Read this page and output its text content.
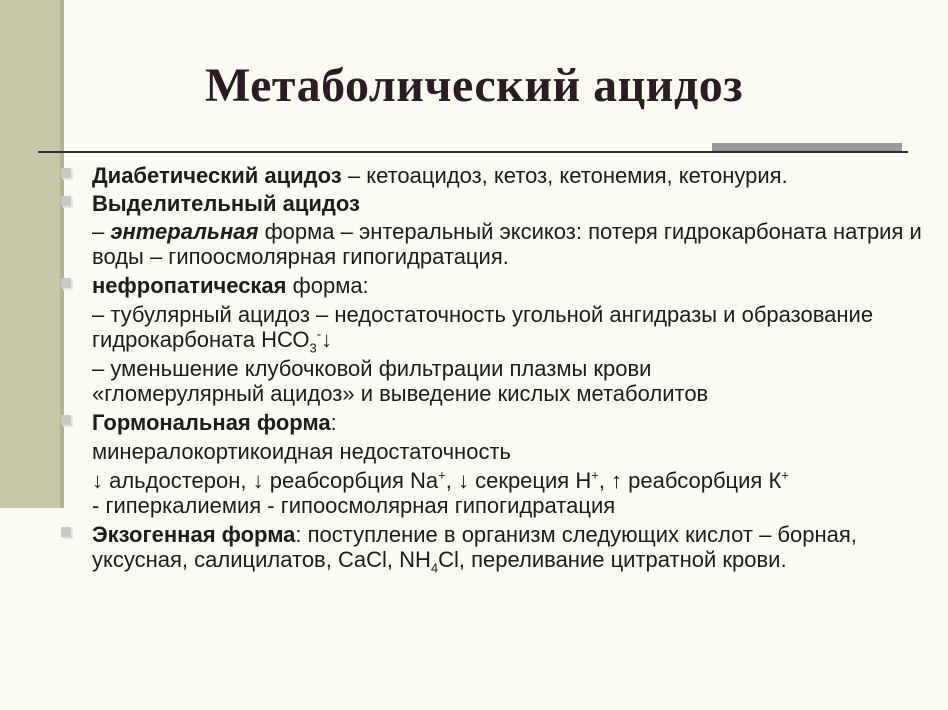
Метаболический ацидоз
Диабетический ацидоз – кетоацидоз, кетоз, кетонемия, кетонурия.
Выделительный ацидоз
– энтеральная форма – энтеральный эксикоз: потеря гидрокарбоната натрия и воды – гипоосмолярная гипогидратация.
нефропатическая форма:
– тубулярный ацидоз – недостаточность угольной ангидразы и образование гидрокарбоната $НСО_3^-↓$
– уменьшение клубочковой фильтрации плазмы крови
«гломерулярный ацидоз» и выведение кислых метаболитов
Гормональная форма:
минералокортикоидная недостаточность
↓ альдостерон, ↓ реабсорбция Na+, ↓ секреция Н+, ↑ реабсорбция К+
- гиперкалиемия - гипоосмолярная гипогидратация
Экзогенная форма: поступление в организм следующих кислот – борная, уксусная, салицилатов, CaCl, $NH_4Cl$, переливание цитратной крови.
